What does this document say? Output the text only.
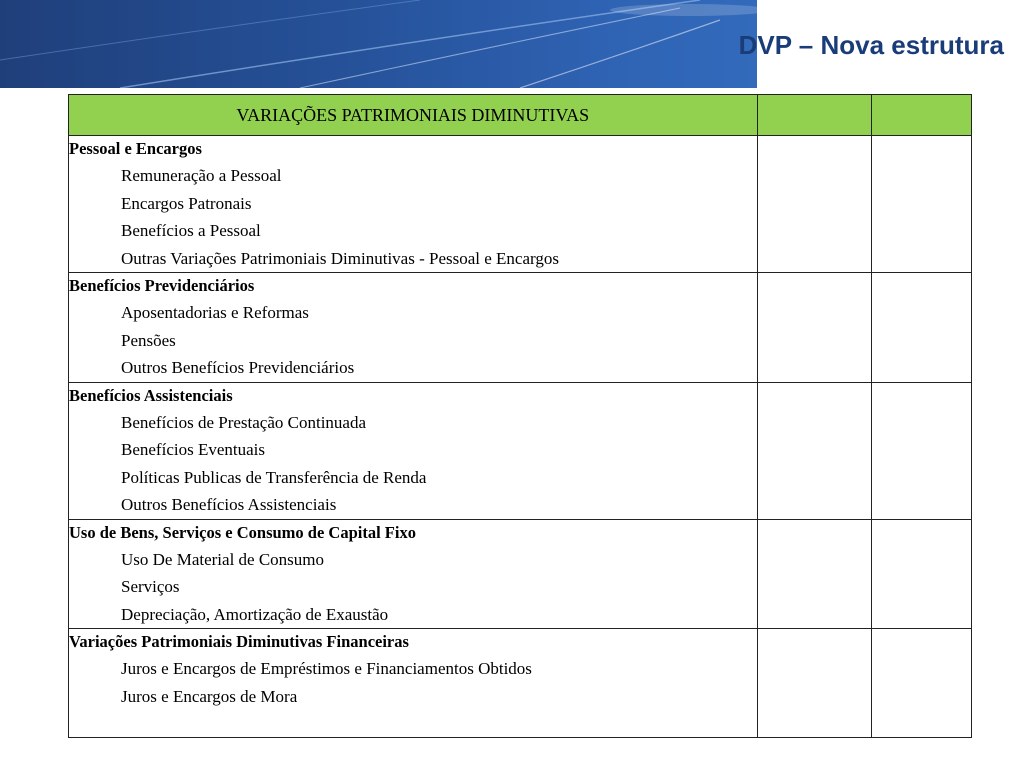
DVP – Nova estrutura
VARIAÇÕES PATRIMONIAIS DIMINUTIVAS		

Pessoal e Encargos
Remuneração a Pessoal
Encargos Patronais
Benefícios a Pessoal
Outras Variações Patrimoniais Diminutivas - Pessoal e Encargos		

Benefícios Previdenciários
Aposentadorias e Reformas
Pensões
Outros Benefícios Previdenciários		

Benefícios Assistenciais
Benefícios de Prestação Continuada
Benefícios Eventuais
Políticas Publicas de Transferência de Renda
Outros Benefícios Assistenciais		

Uso de Bens, Serviços e Consumo de Capital Fixo
Uso De Material de Consumo
Serviços
Depreciação, Amortização de Exaustão		

Variações Patrimoniais Diminutivas Financeiras
Juros e Encargos de Empréstimos e Financiamentos Obtidos
Juros e Encargos de Mora		
